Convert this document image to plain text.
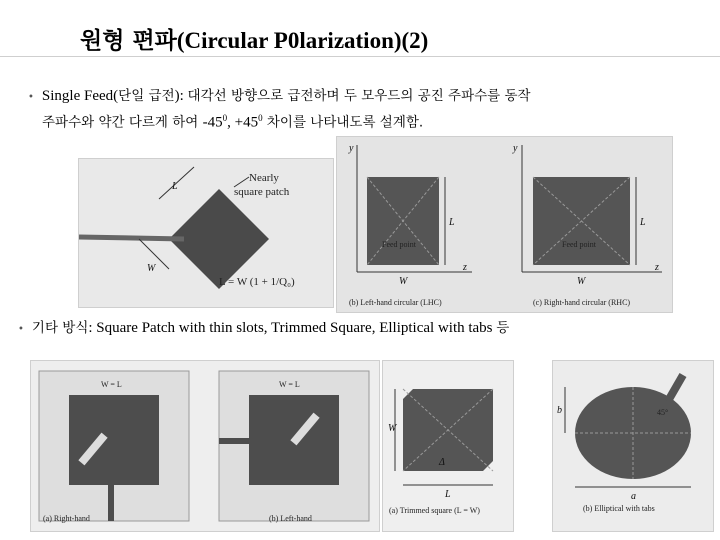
원형 편파(Circular P0larization)(2)
• Single Feed(단일 급전): 대각선 방향으로 급전하며 두 모우드의 공진 주파수를 동작
주파수와 약간 다르게 하여 $-45^0$, $+45^0$ 차이를 나타내도록 설계함.
L
W
Nearly
square patch
L = W (1 + 1/Q₀)
y
z
L
W
Feed point
(b) Left-hand circular (LHC)
y
z
L
W
Feed point
(c) Right-hand circular (RHC)
• 기타 방식: Square Patch with thin slots, Trimmed Square, Elliptical with tabs 등
W = L
(a) Right-hand
W = L
(b) Left-hand
W
L
Δ
(a) Trimmed square (L = W)
b
a
45°
(b) Elliptical with tabs
